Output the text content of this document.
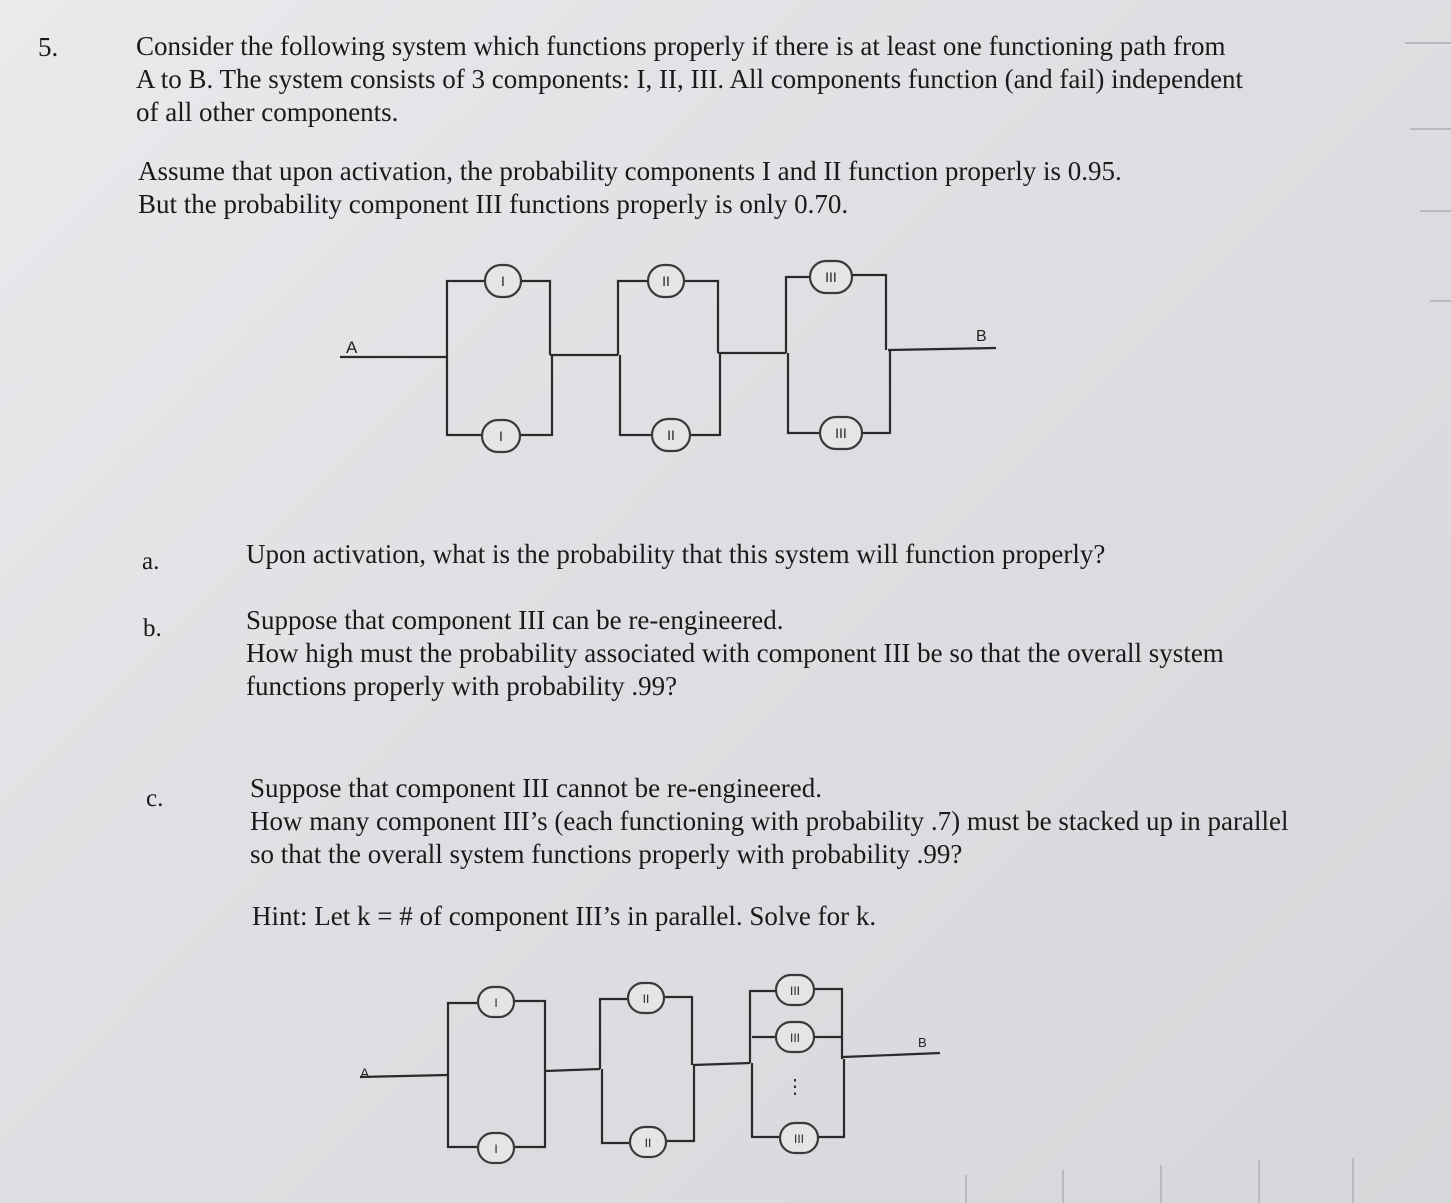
5.	Consider the following system which functions properly if there is at least one functioning path from
A to B. The system consists of 3 components: I, II, III. All components function (and fail) independent
of all other components.
Assume that upon activation, the probability components I and II function properly is 0.95.
But the probability component III functions properly is only 0.70.
I
I
II
II
III
III
A
B
a.	Upon activation, what is the probability that this system will function properly?
b.	Suppose that component III can be re-engineered.
How high must the probability associated with component III be so that the overall system
functions properly with probability .99?
c.	Suppose that component III cannot be re-engineered.
How many component III’s (each functioning with probability .7) must be stacked up in parallel
so that the overall system functions properly with probability .99?
Hint: Let k = # of component III’s in parallel. Solve for k.
I
I
II
II
III
III
III
⋮
A
B
